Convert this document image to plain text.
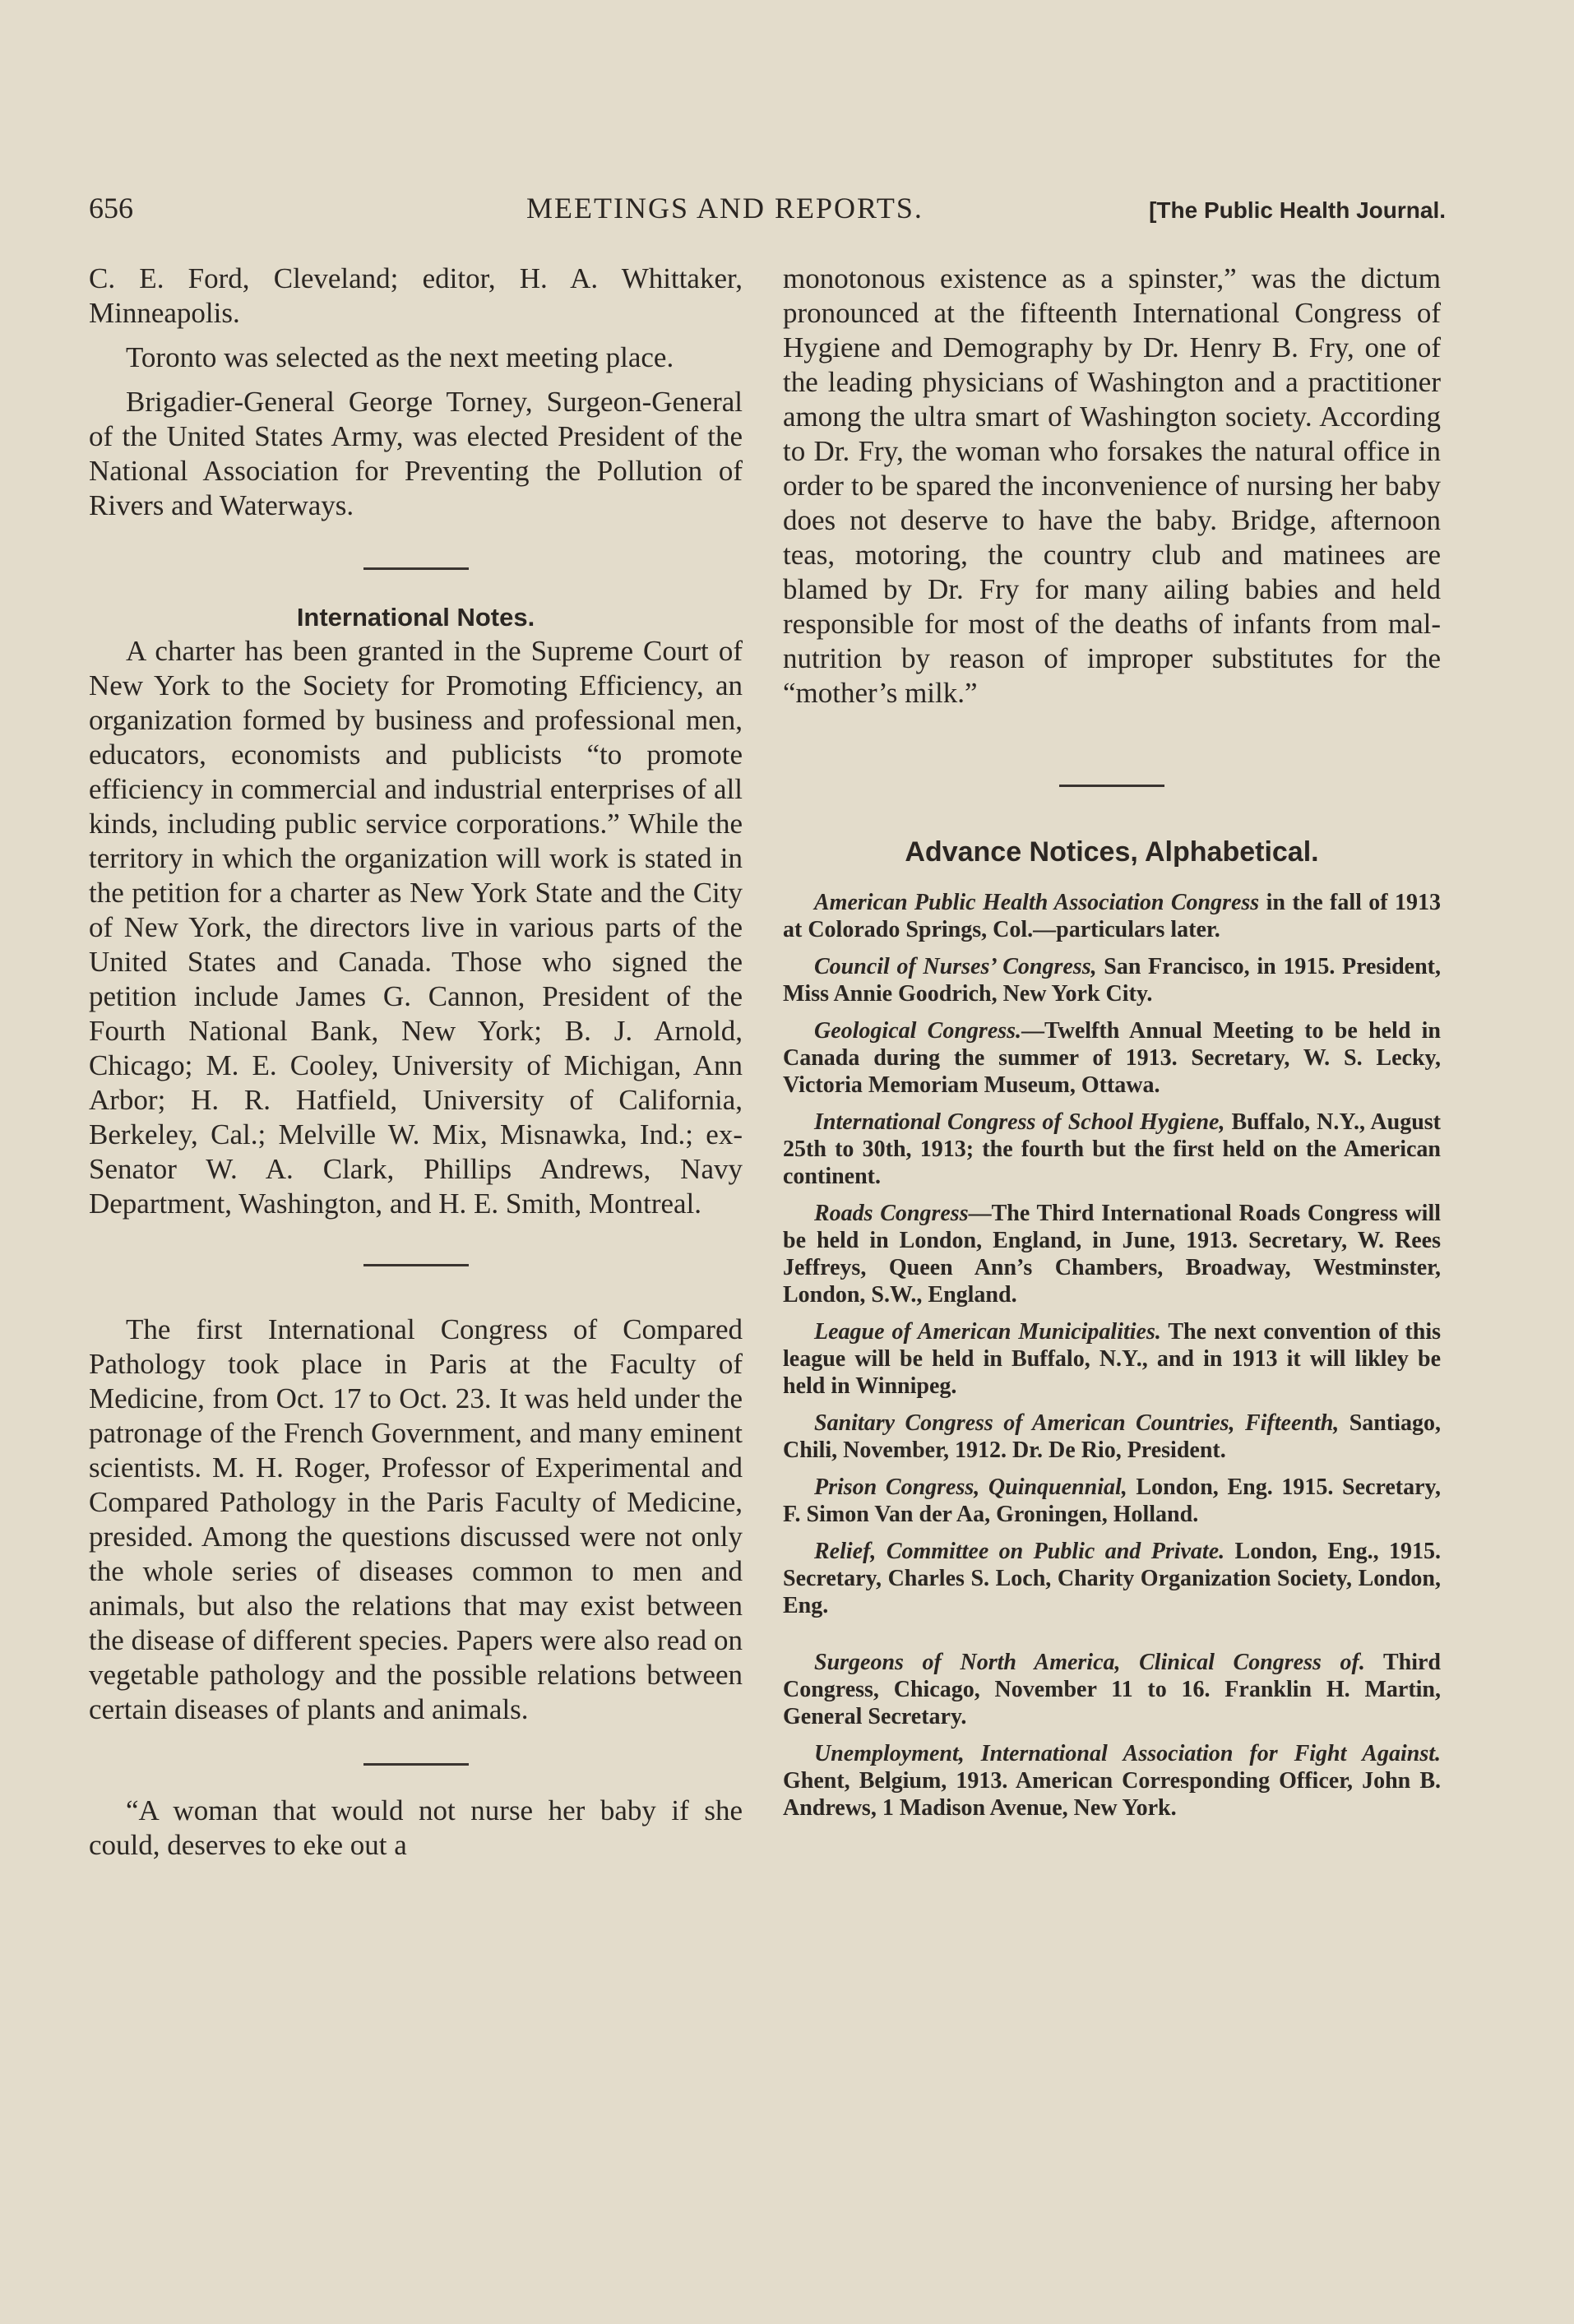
656	MEETINGS AND REPORTS.	[The Public Health Journal.

C. E. Ford, Cleveland; editor, H. A. Whittaker, Minneapolis.

Toronto was selected as the next meeting place.

Brigadier-General George Torney, Surgeon-General of the United States Army, was elected President of the National Association for Preventing the Pollution of Rivers and Waterways.

International Notes.

A charter has been granted in the Supreme Court of New York to the Society for Promoting Efficiency, an organization formed by business and professional men, educators, economists and publicists “to promote efficiency in commercial and industrial enterprises of all kinds, including public service corporations.” While the territory in which the organization will work is stated in the petition for a charter as New York State and the City of New York, the directors live in various parts of the United States and Canada. Those who signed the petition include James G. Cannon, President of the Fourth National Bank, New York; B. J. Arnold, Chicago; M. E. Cooley, University of Michigan, Ann Arbor; H. R. Hatfield, University of California, Berkeley, Cal.; Melville W. Mix, Misnawka, Ind.; ex-Senator W. A. Clark, Phillips Andrews, Navy Department, Washington, and H. E. Smith, Montreal.

The first International Congress of Compared Pathology took place in Paris at the Faculty of Medicine, from Oct. 17 to Oct. 23. It was held under the patronage of the French Government, and many eminent scientists. M. H. Roger, Professor of Experimental and Compared Pathology in the Paris Faculty of Medicine, presided. Among the questions discussed were not only the whole series of diseases common to men and animals, but also the relations that may exist between the disease of different species. Papers were also read on vegetable pathology and the possible relations between certain diseases of plants and animals.

“A woman that would not nurse her baby if she could, deserves to eke out a

monotonous existence as a spinster,” was the dictum pronounced at the fifteenth International Congress of Hygiene and Demography by Dr. Henry B. Fry, one of the leading physicians of Washington and a practitioner among the ultra smart of Washington society. According to Dr. Fry, the woman who forsakes the natural office in order to be spared the inconvenience of nursing her baby does not deserve to have the baby. Bridge, afternoon teas, motoring, the country club and matinees are blamed by Dr. Fry for many ailing babies and held responsible for most of the deaths of infants from mal-nutrition by reason of improper substitutes for the “mother’s milk.”

Advance Notices, Alphabetical.

American Public Health Association Congress in the fall of 1913 at Colorado Springs, Col.—particulars later.

Council of Nurses’ Congress, San Francisco, in 1915. President, Miss Annie Goodrich, New York City.

Geological Congress.—Twelfth Annual Meeting to be held in Canada during the summer of 1913. Secretary, W. S. Lecky, Victoria Memoriam Museum, Ottawa.

International Congress of School Hygiene, Buffalo, N.Y., August 25th to 30th, 1913; the fourth but the first held on the American continent.

Roads Congress—The Third International Roads Congress will be held in London, England, in June, 1913. Secretary, W. Rees Jeffreys, Queen Ann’s Chambers, Broadway, Westminster, London, S.W., England.

League of American Municipalities. The next convention of this league will be held in Buffalo, N.Y., and in 1913 it will likley be held in Winnipeg.

Sanitary Congress of American Countries, Fifteenth, Santiago, Chili, November, 1912. Dr. De Rio, President.

Prison Congress, Quinquennial, London, Eng. 1915. Secretary, F. Simon Van der Aa, Groningen, Holland.

Relief, Committee on Public and Private. London, Eng., 1915. Secretary, Charles S. Loch, Charity Organization Society, London, Eng.

Surgeons of North America, Clinical Congress of. Third Congress, Chicago, November 11 to 16. Franklin H. Martin, General Secretary.

Unemployment, International Association for Fight Against. Ghent, Belgium, 1913. American Corresponding Officer, John B. Andrews, 1 Madison Avenue, New York.
